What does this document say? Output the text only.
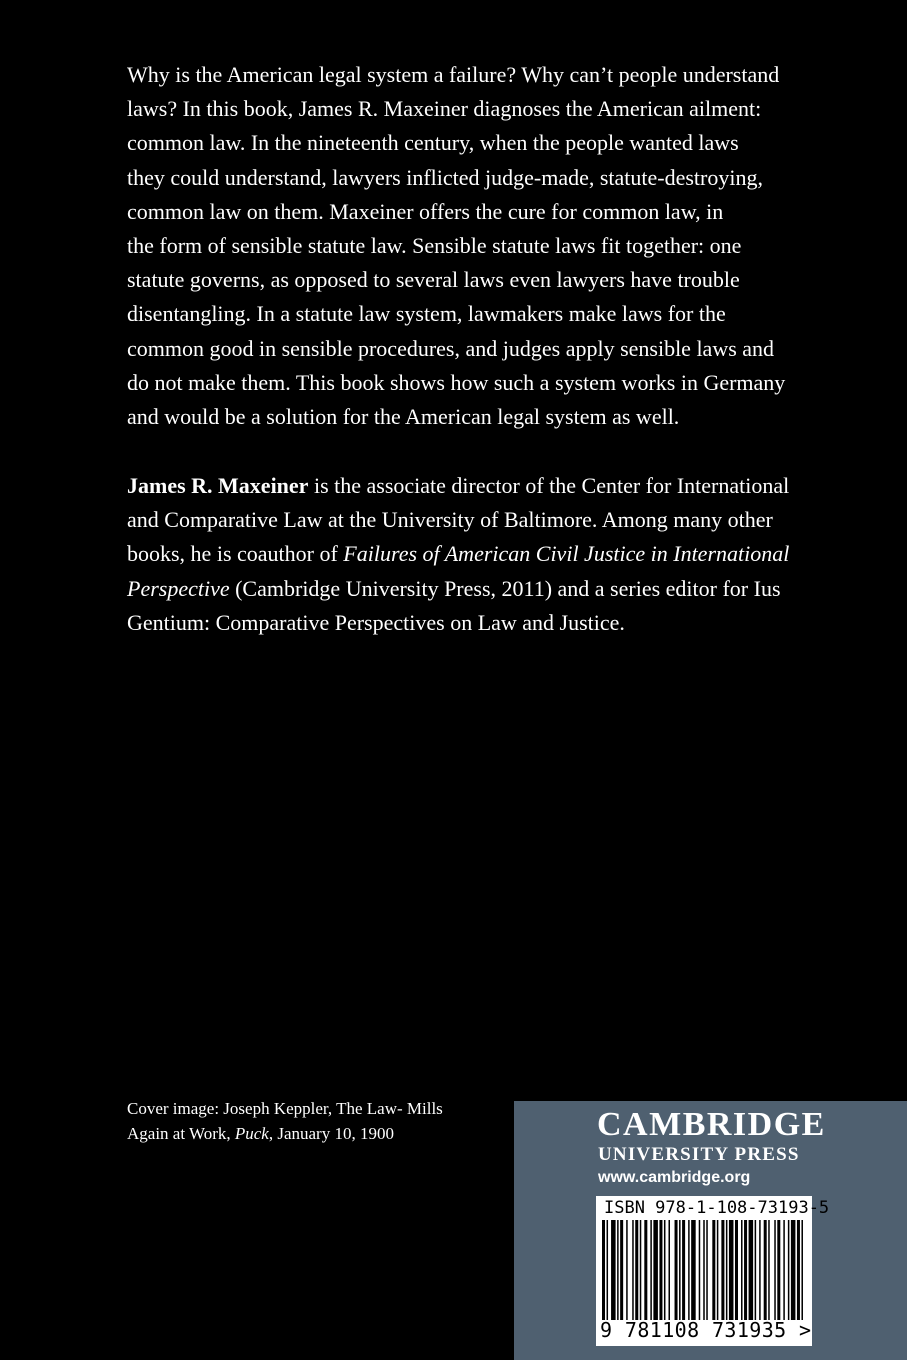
Why is the American legal system a failure? Why can’t people understand
laws? In this book, James R. Maxeiner diagnoses the American ailment:
common law. In the nineteenth century, when the people wanted laws
they could understand, lawyers inflicted judge-made, statute-destroying,
common law on them. Maxeiner offers the cure for common law, in
the form of sensible statute law. Sensible statute laws fit together: one
statute governs, as opposed to several laws even lawyers have trouble
disentangling. In a statute law system, lawmakers make laws for the
common good in sensible procedures, and judges apply sensible laws and
do not make them. This book shows how such a system works in Germany
and would be a solution for the American legal system as well.
James R. Maxeiner is the associate director of the Center for International
and Comparative Law at the University of Baltimore. Among many other
books, he is coauthor of Failures of American Civil Justice in International
Perspective (Cambridge University Press, 2011) and a series editor for Ius
Gentium: Comparative Perspectives on Law and Justice.
Cover image: Joseph Keppler, The Law- Mills
Again at Work, Puck, January 10, 1900	CAMBRIDGE
UNIVERSITY PRESS
www.cambridge.org
ISBN 978-1-108-73193-5
9 781108 731935 >
